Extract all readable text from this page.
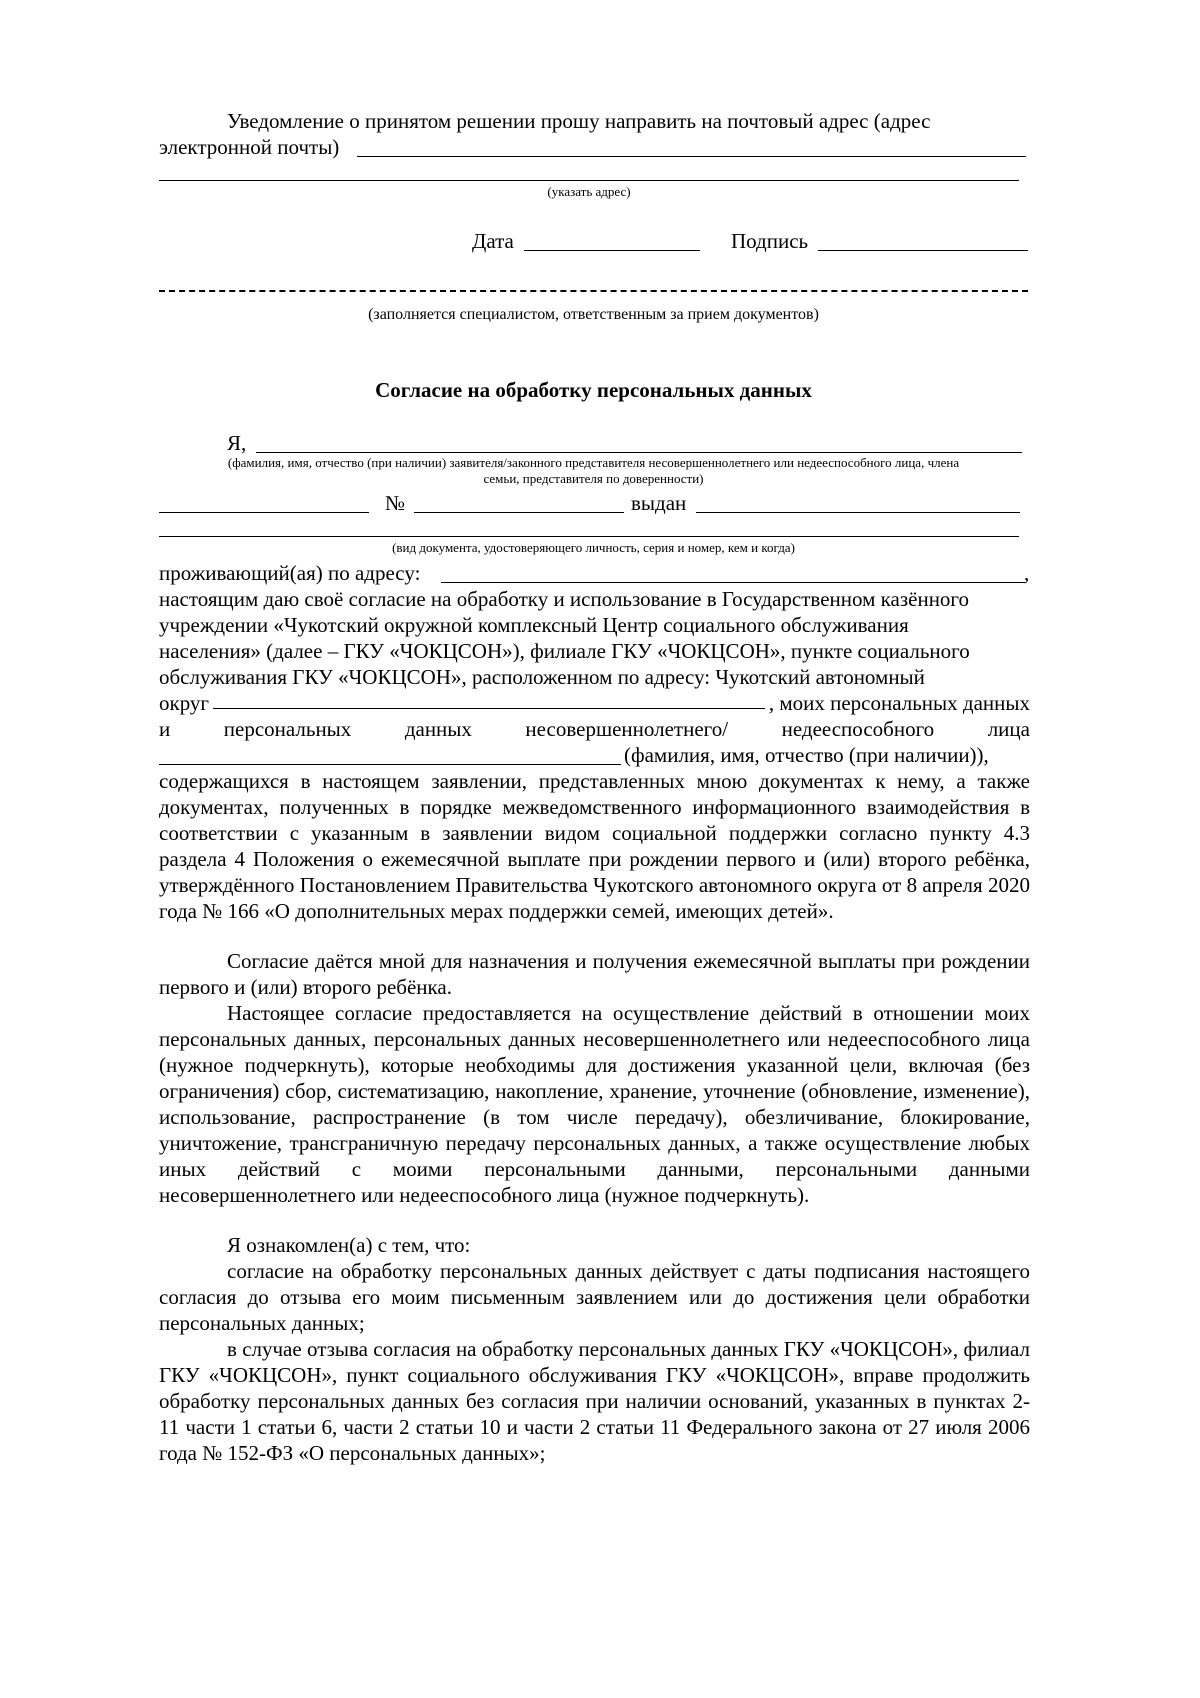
Уведомление о принятом решении прошу направить на почтовый адрес (адрес
электронной почты)
(указать адрес)
Дата	Подпись
(заполняется специалистом, ответственным за прием документов)
Согласие на обработку персональных данных
Я,
(фамилия, имя, отчество (при наличии) заявителя/законного представителя несовершеннолетнего или недееспособного лица, члена
семьи, представителя по доверенности)
№	выдан
(вид документа, удостоверяющего личность, серия и номер, кем и когда)
проживающий(ая) по адресу:	,
настоящим даю своё согласие на обработку и использование в Государственном казённого
учреждении «Чукотский окружной комплексный Центр социального обслуживания
населения» (далее – ГКУ «ЧОКЦСОН»), филиале ГКУ «ЧОКЦСОН», пункте социального
обслуживания ГКУ «ЧОКЦСОН», расположенном по адресу: Чукотский автономный
округ	, моих персональных данных
и	персональных	данных	несовершеннолетнего/	недееспособного	лица
(фамилия, имя, отчество (при наличии)),

содержащихся в настоящем заявлении, представленных мною документах к нему, а также документах, полученных в порядке межведомственного информационного взаимодействия в соответствии с указанным в заявлении видом социальной поддержки согласно пункту 4.3 раздела 4 Положения о ежемесячной выплате при рождении первого и (или) второго ребёнка, утверждённого Постановлением Правительства Чукотского автономного округа от 8 апреля 2020 года № 166 «О дополнительных мерах поддержки семей, имеющих детей».

Согласие даётся мной для назначения и получения ежемесячной выплаты при рождении первого и (или) второго ребёнка.

Настоящее согласие предоставляется на осуществление действий в отношении моих персональных данных, персональных данных несовершеннолетнего или недееспособного лица (нужное подчеркнуть), которые необходимы для достижения указанной цели, включая (без ограничения) сбор, систематизацию, накопление, хранение, уточнение (обновление, изменение), использование, распространение (в том числе передачу), обезличивание, блокирование, уничтожение, трансграничную передачу персональных данных, а также осуществление любых иных действий с моими персональными данными, персональными данными несовершеннолетнего или недееспособного лица (нужное подчеркнуть).

Я ознакомлен(а) с тем, что:

согласие на обработку персональных данных действует с даты подписания настоящего согласия до отзыва его моим письменным заявлением или до достижения цели обработки персональных данных;

в случае отзыва согласия на обработку персональных данных ГКУ «ЧОКЦСОН», филиал ГКУ «ЧОКЦСОН», пункт социального обслуживания ГКУ «ЧОКЦСОН», вправе продолжить обработку персональных данных без согласия при наличии оснований, указанных в пунктах 2-11 части 1 статьи 6, части 2 статьи 10 и части 2 статьи 11 Федерального закона от 27 июля 2006 года № 152-ФЗ «О персональных данных»;
